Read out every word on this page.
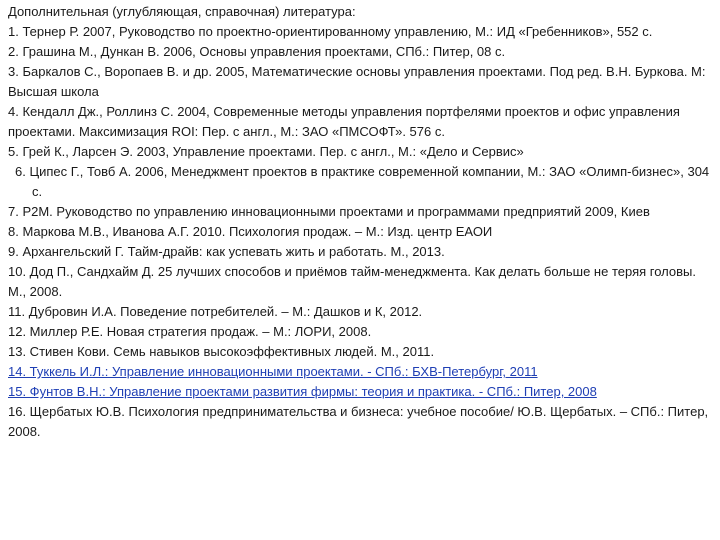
Дополнительная (углубляющая, справочная) литература:

1. Тернер Р. 2007, Руководство по проектно-ориентированному управлению, М.: ИД «Гребенников», 552 с.

2. Грашина М., Дункан В. 2006, Основы управления проектами, СПб.: Питер, 08 с.

3. Баркалов С., Воропаев В. и др. 2005, Математические основы управления проектами. Под ред. В.Н. Буркова. М: Высшая школа

4. Кендалл Дж., Роллинз С. 2004, Современные методы управления портфелями проектов и офис управления проектами. Максимизация ROI: Пер. с англ., М.: ЗАО «ПМСОФТ». 576 с.

5. Грей К., Ларсен Э. 2003, Управление проектами. Пер. с англ., М.: «Дело и Сервис»

6. Ципес Г., Товб А. 2006, Менеджмент проектов в практике современной компании, М.: ЗАО «Олимп-бизнес», 304 с.

7. P2M. Руководство по управлению инновационными проектами и программами предприятий 2009, Киев

8. Маркова М.В., Иванова А.Г. 2010. Психология продаж. – М.: Изд. центр ЕАОИ

9. Архангельский Г. Тайм-драйв: как успевать жить и работать. М., 2013.

10. Дод П., Сандхайм Д. 25 лучших способов и приёмов тайм-менеджмента. Как делать больше не теряя головы. М., 2008.

11. Дубровин И.А. Поведение потребителей. – М.: Дашков и К, 2012.

12. Миллер Р.Е. Новая стратегия продаж. – М.: ЛОРИ, 2008.

13. Стивен Кови. Семь навыков высокоэффективных людей. М., 2011.

14. Туккель И.Л.: Управление инновационными проектами. - СПб.: БХВ-Петербург, 2011

15. Фунтов В.Н.: Управление проектами развития фирмы: теория и практика. - СПб.: Питер, 2008

16. Щербатых Ю.В. Психология предпринимательства и бизнеса: учебное пособие/ Ю.В. Щербатых. – СПб.: Питер, 2008.
